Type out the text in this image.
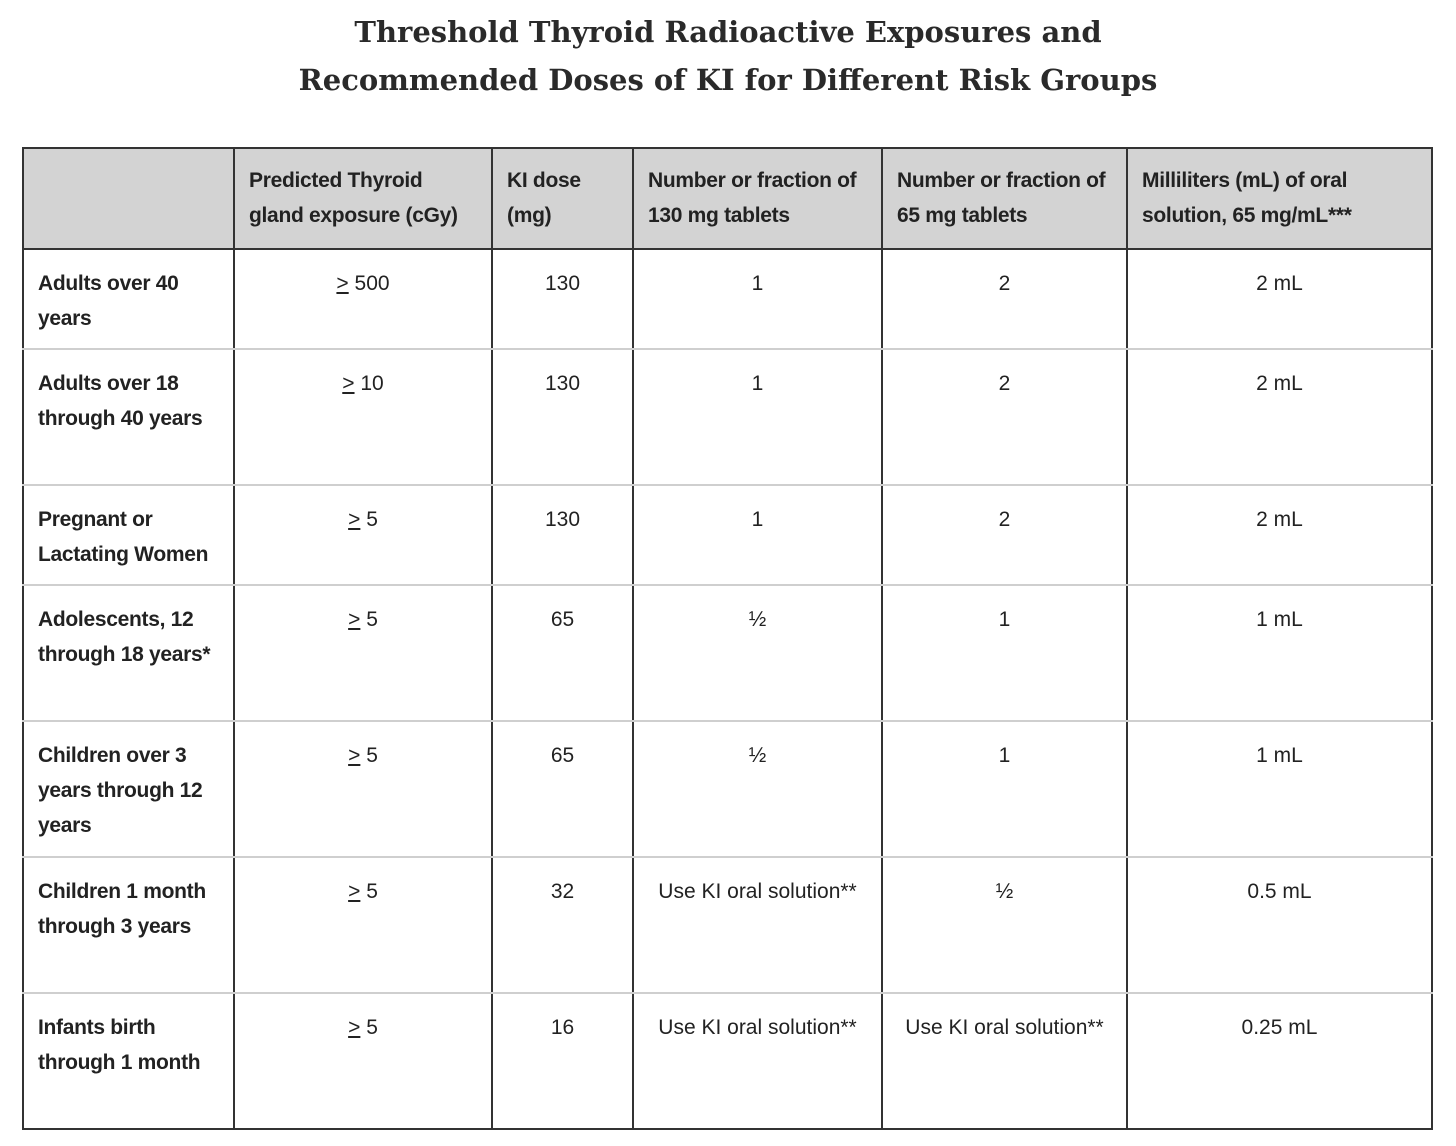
Threshold Thyroid Radioactive Exposures and
Recommended Doses of KI for Different Risk Groups
	Predicted Thyroid gland exposure (cGy)	KI dose (mg)	Number or fraction of 130 mg tablets	Number or fraction of 65 mg tablets	Milliliters (mL) of oral solution, 65 mg/mL***
Adults over 40 years	≥ 500	130	1	2	2 mL
Adults over 18 through 40 years	≥ 10	130	1	2	2 mL
Pregnant or Lactating Women	≥ 5	130	1	2	2 mL
Adolescents, 12 through 18 years*	≥ 5	65	½	1	1 mL
Children over 3 years through 12 years	≥ 5	65	½	1	1 mL
Children 1 month through 3 years	≥ 5	32	Use KI oral solution**	½	0.5 mL
Infants birth through 1 month	≥ 5	16	Use KI oral solution**	Use KI oral solution**	0.25 mL
